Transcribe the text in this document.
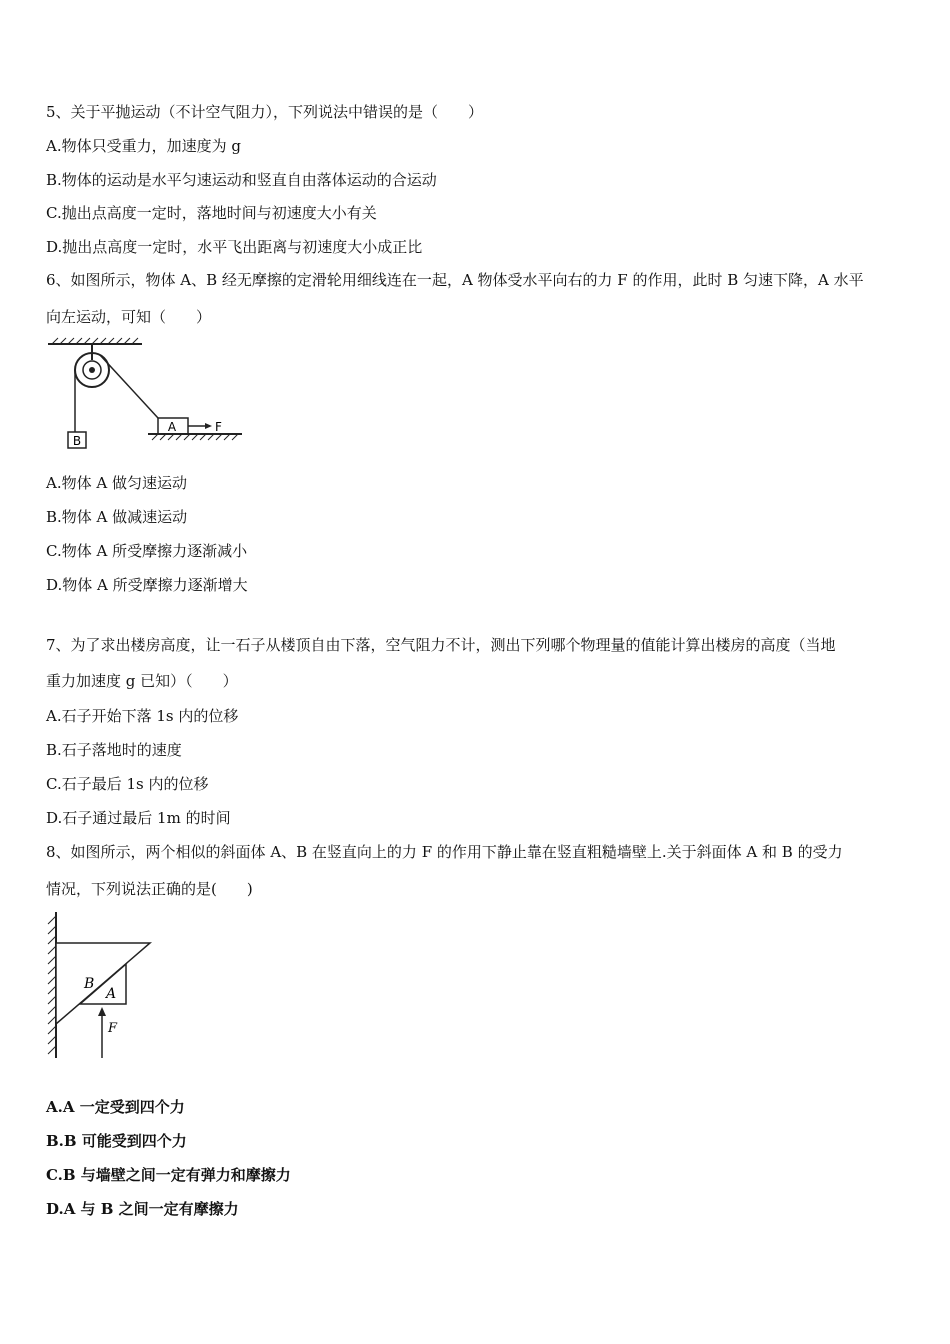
5、关于平抛运动（不计空气阻力），下列说法中错误的是（　　）
A.物体只受重力，加速度为 g
B.物体的运动是水平匀速运动和竖直自由落体运动的合运动
C.抛出点高度一定时，落地时间与初速度大小有关
D.抛出点高度一定时，水平飞出距离与初速度大小成正比
6、如图所示，物体 A、B 经无摩擦的定滑轮用细线连在一起，A 物体受水平向右的力 F 的作用，此时 B 匀速下降，A 水平
向左运动，可知（　　）
B
A	F
A.物体 A 做匀速运动
B.物体 A 做减速运动
C.物体 A 所受摩擦力逐渐减小
D.物体 A 所受摩擦力逐渐增大
7、为了求出楼房高度，让一石子从楼顶自由下落，空气阻力不计，测出下列哪个物理量的值能计算出楼房的高度（当地
重力加速度 g 已知）（　　）
A.石子开始下落 1s 内的位移
B.石子落地时的速度
C.石子最后 1s 内的位移
D.石子通过最后 1m 的时间
8、如图所示，两个相似的斜面体 A、B 在竖直向上的力 F 的作用下静止靠在竖直粗糙墙壁上.关于斜面体 A 和 B 的受力
情况，下列说法正确的是(　　)
B
A
F
A.A 一定受到四个力
B.B 可能受到四个力
C.B 与墙壁之间一定有弹力和摩擦力
D.A 与 B 之间一定有摩擦力
